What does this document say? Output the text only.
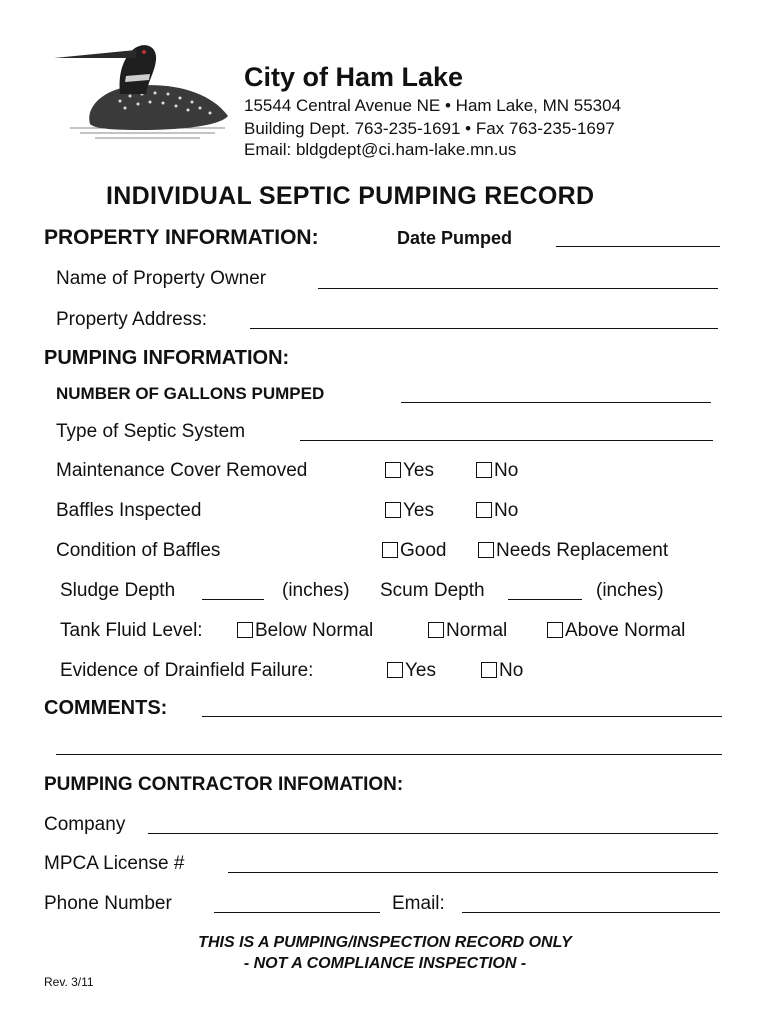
City of Ham Lake
15544 Central Avenue NE • Ham Lake, MN 55304
Building Dept. 763-235-1691 • Fax 763-235-1697
Email: bldgdept@ci.ham-lake.mn.us
INDIVIDUAL SEPTIC PUMPING RECORD
PROPERTY INFORMATION:	Date Pumped
Name of Property Owner
Property Address:
PUMPING INFORMATION:
NUMBER OF GALLONS PUMPED
Type of Septic System
Maintenance Cover Removed	Yes	No
Baffles Inspected	Yes	No
Condition of Baffles	Good	Needs Replacement
Sludge Depth	(inches) Scum Depth	(inches)
Tank Fluid Level:	Below Normal	Normal	Above Normal
Evidence of Drainfield Failure:	Yes	No
COMMENTS:
PUMPING CONTRACTOR INFOMATION:
Company
MPCA License #
Phone Number	Email:
THIS IS A PUMPING/INSPECTION RECORD ONLY
- NOT A COMPLIANCE INSPECTION -
Rev. 3/11
